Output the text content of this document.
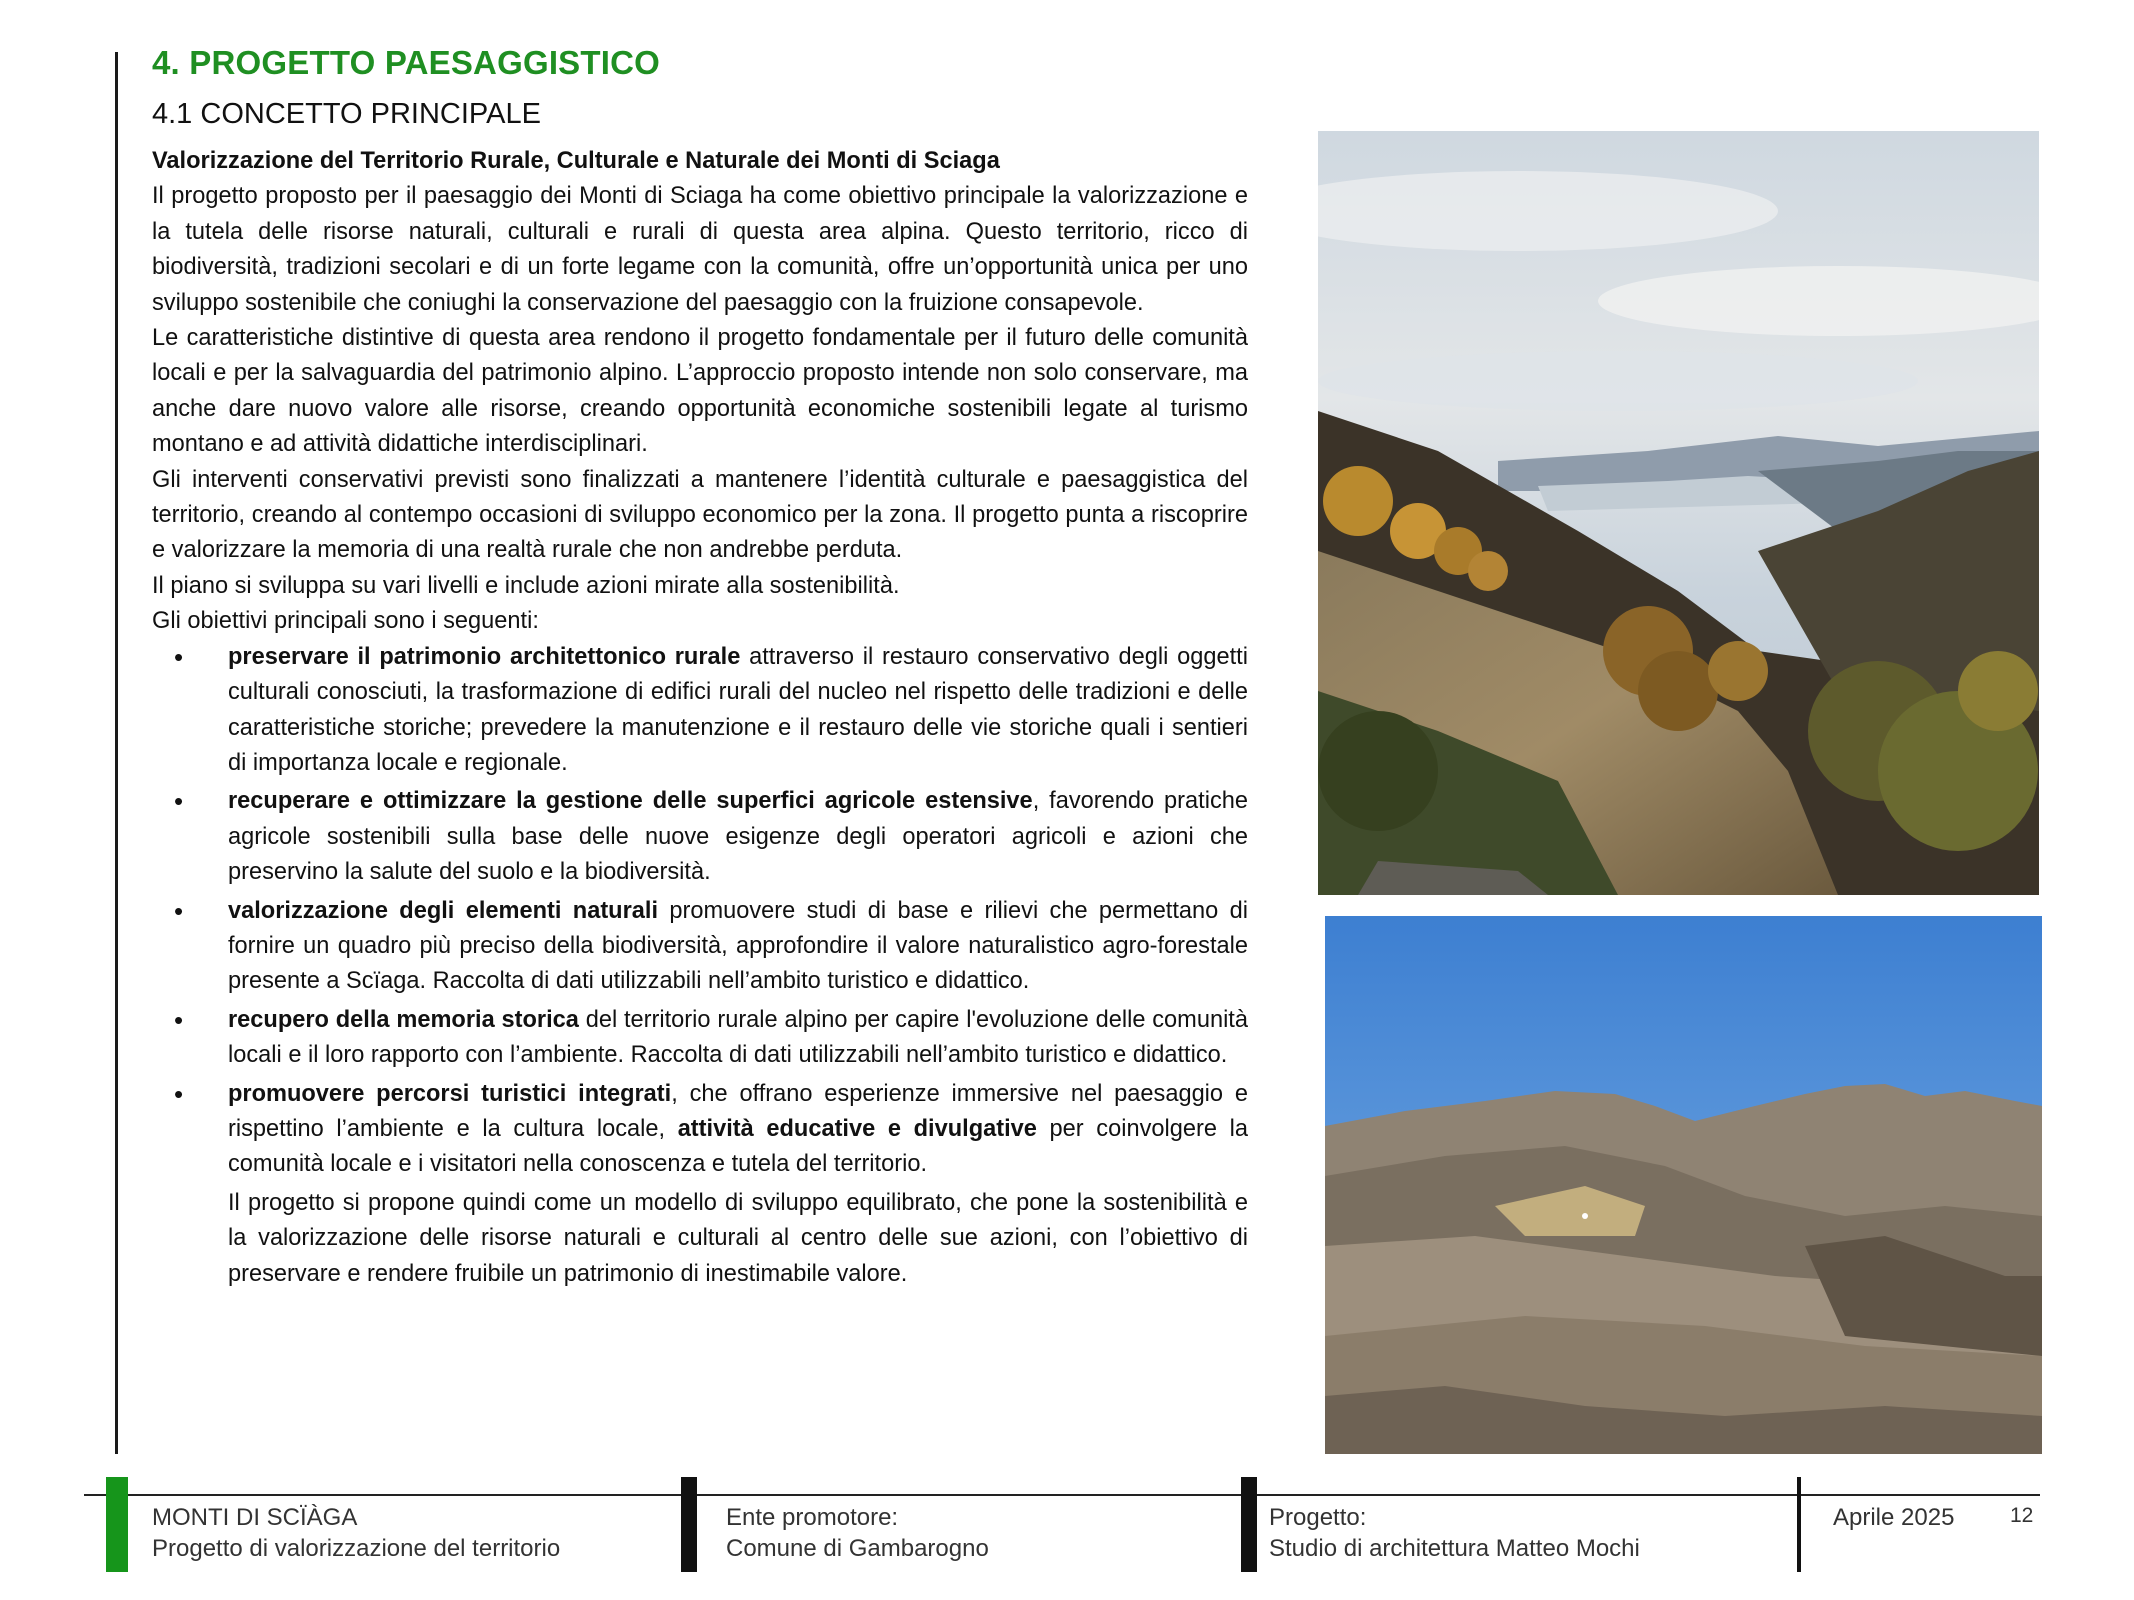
4. PROGETTO PAESAGGISTICO
4.1 CONCETTO PRINCIPALE

Valorizzazione del Territorio Rurale, Culturale e Naturale dei Monti di Sciaga

Il progetto proposto per il paesaggio dei Monti di Sciaga ha come obiettivo principale la valorizzazione e la tutela delle risorse naturali, culturali e rurali di questa area alpina. Questo territorio, ricco di biodiversità, tradizioni secolari e di un forte legame con la comunità, offre un’opportunità unica per uno sviluppo sostenibile che coniughi la conservazione del paesaggio con la fruizione consapevole.

Le caratteristiche distintive di questa area rendono il progetto fondamentale per il futuro delle comunità locali e per la salvaguardia del patrimonio alpino. L’approccio proposto intende non solo conservare, ma anche dare nuovo valore alle risorse, creando opportunità economiche sostenibili legate al turismo montano e ad attività didattiche interdisciplinari.

Gli interventi conservativi previsti sono finalizzati a mantenere l’identità culturale e paesaggistica del territorio, creando al contempo occasioni di sviluppo economico per la zona. Il progetto punta a riscoprire e valorizzare la memoria di una realtà rurale che non andrebbe perduta.

Il piano si sviluppa su vari livelli e include azioni mirate alla sostenibilità.

Gli obiettivi principali sono i seguenti:

• preservare il patrimonio architettonico rurale attraverso il restauro conservativo degli oggetti culturali conosciuti, la trasformazione di edifici rurali del nucleo nel rispetto delle tradizioni e delle caratteristiche storiche; prevedere la manutenzione e il restauro delle vie storiche quali i sentieri di importanza locale e regionale.
• recuperare e ottimizzare la gestione delle superfici agricole estensive, favorendo pratiche agricole sostenibili sulla base delle nuove esigenze degli operatori agricoli e azioni che preservino la salute del suolo e la biodiversità.
• valorizzazione degli elementi naturali promuovere studi di base e rilievi che permettano di fornire un quadro più preciso della biodiversità, approfondire il valore naturalistico agro-forestale presente a Scïaga. Raccolta di dati utilizzabili nell’ambito turistico e didattico.
• recupero della memoria storica del territorio rurale alpino per capire l'evoluzione delle comunità locali e il loro rapporto con l’ambiente. Raccolta di dati utilizzabili nell’ambito turistico e didattico.
• promuovere percorsi turistici integrati, che offrano esperienze immersive nel paesaggio e rispettino l’ambiente e la cultura locale, attività educative e divulgative per coinvolgere la comunità locale e i visitatori nella conoscenza e tutela del territorio.

Il progetto si propone quindi come un modello di sviluppo equilibrato, che pone la sostenibilità e la valorizzazione delle risorse naturali e culturali al centro delle sue azioni, con l’obiettivo di preservare e rendere fruibile un patrimonio di inestimabile valore.

MONTI DI SCÏÀGA
Progetto di valorizzazione del territorio
Ente promotore:
Comune di Gambarogno
Progetto:
Studio di architettura Matteo Mochi
Aprile 2025	12
